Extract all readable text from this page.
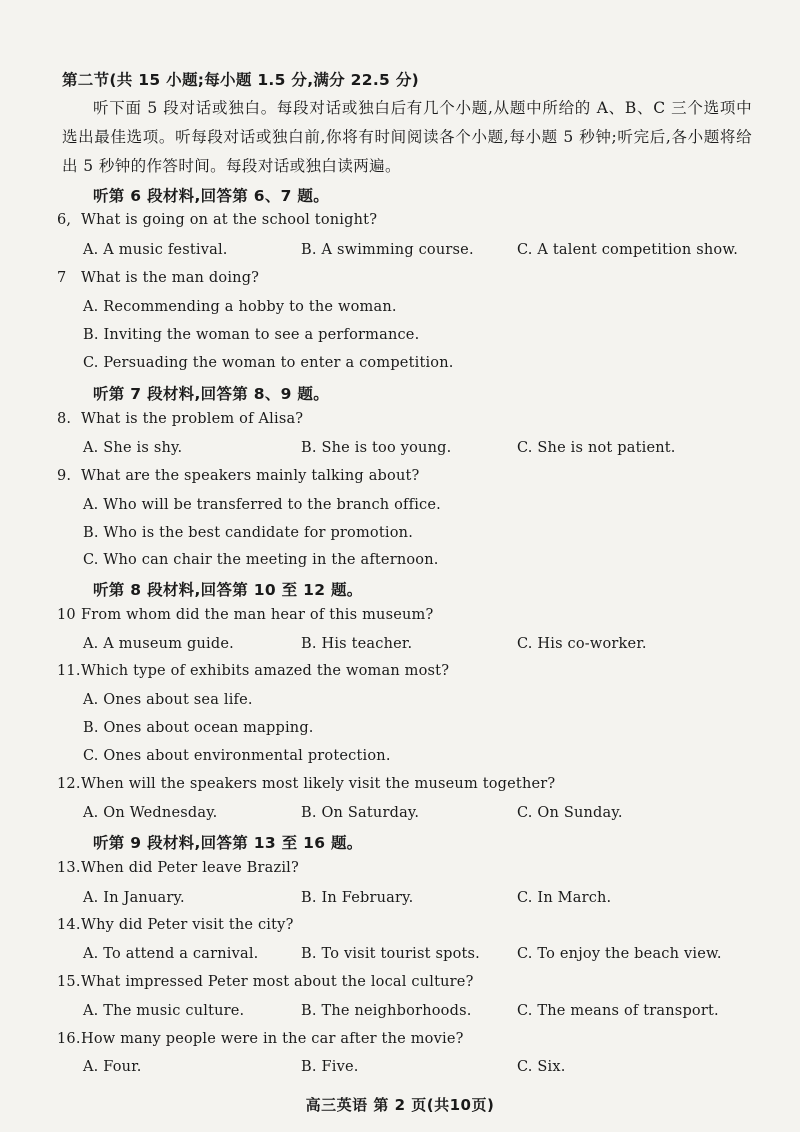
第二节(共 15 小题;每小题 1.5 分,满分 22.5 分)
听下面 5 段对话或独白。每段对话或独白后有几个小题,从题中所给的 A、B、C 三个选项中选出最佳选项。听每段对话或独白前,你将有时间阅读各个小题,每小题 5 秒钟;听完后,各小题将给出 5 秒钟的作答时间。每段对话或独白读两遍。
听第 6 段材料,回答第 6、7 题。
6, What is going on at the school tonight?
A. A music festival.	B. A swimming course.	C. A talent competition show.
7 What is the man doing?
A. Recommending a hobby to the woman.
B. Inviting the woman to see a performance.
C. Persuading the woman to enter a competition.
听第 7 段材料,回答第 8、9 题。
8. What is the problem of Alisa?
A. She is shy.	B. She is too young.	C. She is not patient.
9. What are the speakers mainly talking about?
A. Who will be transferred to the branch office.
B. Who is the best candidate for promotion.
C. Who can chair the meeting in the afternoon.
听第 8 段材料,回答第 10 至 12 题。
10 From whom did the man hear of this museum?
A. A museum guide.	B. His teacher.	C. His co-worker.
11.Which type of exhibits amazed the woman most?
A. Ones about sea life.
B. Ones about ocean mapping.
C. Ones about environmental protection.
12.When will the speakers most likely visit the museum together?
A. On Wednesday.	B. On Saturday.	C. On Sunday.
听第 9 段材料,回答第 13 至 16 题。
13.When did Peter leave Brazil?
A. In January.	B. In February.	C. In March.
14.Why did Peter visit the city?
A. To attend a carnival.	B. To visit tourist spots.	C. To enjoy the beach view.
15.What impressed Peter most about the local culture?
A. The music culture.	B. The neighborhoods.	C. The means of transport.
16.How many people were in the car after the movie?
A. Four.	B. Five.	C. Six.
高三英语 第 2 页(共10页)
